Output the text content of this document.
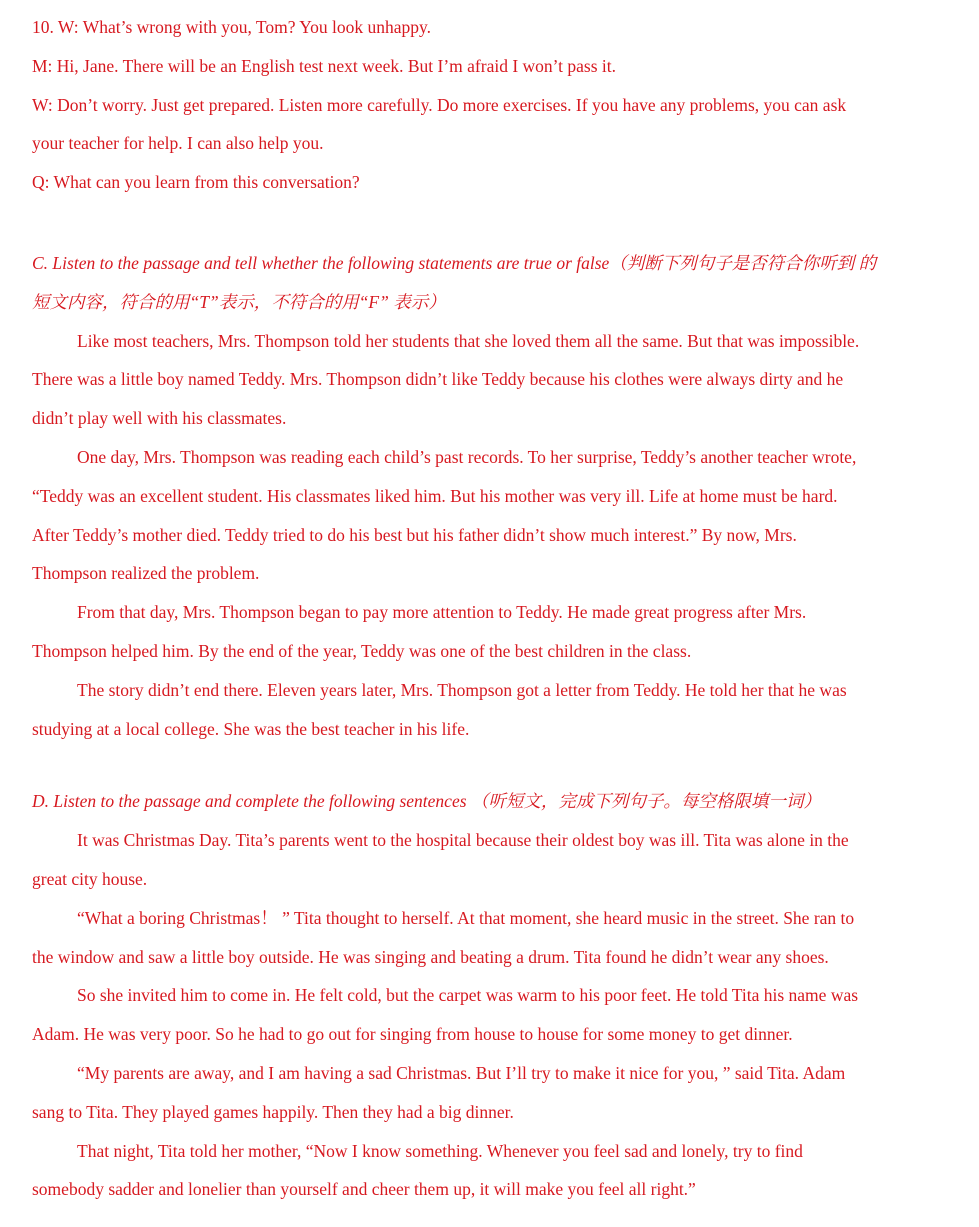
10. W: What’s wrong with you, Tom? You look unhappy.
M: Hi, Jane. There will be an English test next week. But I’m afraid I won’t pass it.
W: Don’t worry. Just get prepared. Listen more carefully. Do more exercises. If you have any problems, you can ask
your teacher for help. I can also help you.
Q: What can you learn from this conversation?
C. Listen to the passage and tell whether the following statements are true or false（判断下列句子是否符合你听到 的
短文内容，符合的用“T”表示，不符合的用“F” 表示）
Like most teachers, Mrs. Thompson told her students that she loved them all the same. But that was impossible.
There was a little boy named Teddy. Mrs. Thompson didn’t like Teddy because his clothes were always dirty and he
didn’t play well with his classmates.
One day, Mrs. Thompson was reading each child’s past records. To her surprise, Teddy’s another teacher wrote,
“Teddy was an excellent student. His classmates liked him. But his mother was very ill. Life at home must be hard.
After Teddy’s mother died. Teddy tried to do his best but his father didn’t show much interest.” By now, Mrs.
Thompson realized the problem.
From that day, Mrs. Thompson began to pay more attention to Teddy. He made great progress after Mrs.
Thompson helped him. By the end of the year, Teddy was one of the best children in the class.
The story didn’t end there. Eleven years later, Mrs. Thompson got a letter from Teddy. He told her that he was
studying at a local college. She was the best teacher in his life.
D. Listen to the passage and complete the following sentences （听短文，完成下列句子。每空格限填一词）
It was Christmas Day. Tita’s parents went to the hospital because their oldest boy was ill. Tita was alone in the
great city house.
“What a boring Christmas！ ” Tita thought to herself. At that moment, she heard music in the street. She ran to
the window and saw a little boy outside. He was singing and beating a drum. Tita found he didn’t wear any shoes.
So she invited him to come in. He felt cold, but the carpet was warm to his poor feet. He told Tita his name was
Adam. He was very poor. So he had to go out for singing from house to house for some money to get dinner.
“My parents are away, and I am having a sad Christmas. But I’ll try to make it nice for you, ” said Tita. Adam
sang to Tita. They played games happily. Then they had a big dinner.
That night, Tita told her mother, “Now I know something. Whenever you feel sad and lonely, try to find
somebody sadder and lonelier than yourself and cheer them up, it will make you feel all right.”
